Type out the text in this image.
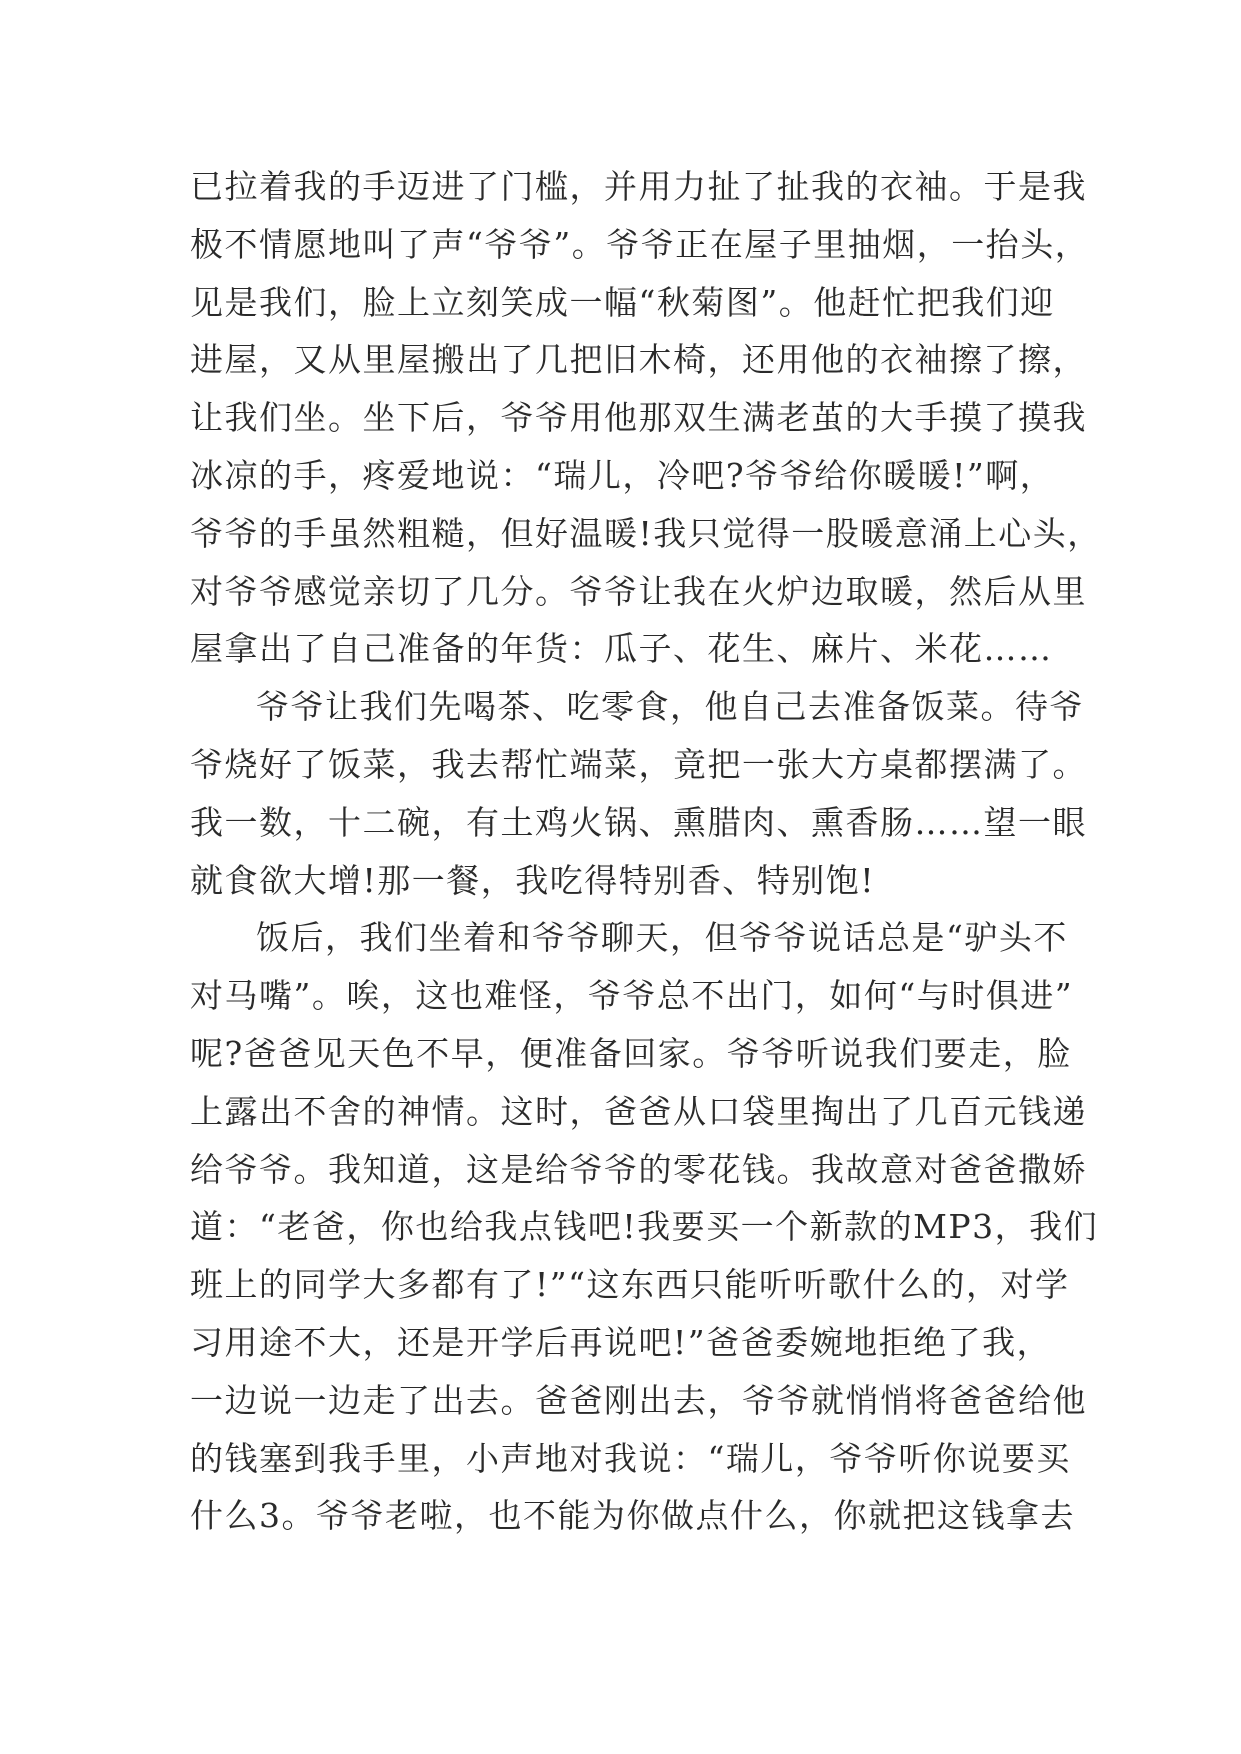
已拉着我的手迈进了门槛，并用力扯了扯我的衣袖。于是我
极不情愿地叫了声“爷爷”。爷爷正在屋子里抽烟，一抬头，
见是我们，脸上立刻笑成一幅“秋菊图”。他赶忙把我们迎
进屋，又从里屋搬出了几把旧木椅，还用他的衣袖擦了擦，
让我们坐。坐下后，爷爷用他那双生满老茧的大手摸了摸我
冰凉的手，疼爱地说：“瑞儿，冷吧?爷爷给你暖暖!”啊，
爷爷的手虽然粗糙，但好温暖!我只觉得一股暖意涌上心头，
对爷爷感觉亲切了几分。爷爷让我在火炉边取暖，然后从里
屋拿出了自己准备的年货：瓜子、花生、麻片、米花……
爷爷让我们先喝茶、吃零食，他自己去准备饭菜。待爷
爷烧好了饭菜，我去帮忙端菜，竟把一张大方桌都摆满了。
我一数，十二碗，有土鸡火锅、熏腊肉、熏香肠……望一眼
就食欲大增!那一餐，我吃得特别香、特别饱!
饭后，我们坐着和爷爷聊天，但爷爷说话总是“驴头不
对马嘴”。唉，这也难怪，爷爷总不出门，如何“与时俱进”
呢?爸爸见天色不早，便准备回家。爷爷听说我们要走，脸
上露出不舍的神情。这时，爸爸从口袋里掏出了几百元钱递
给爷爷。我知道，这是给爷爷的零花钱。我故意对爸爸撒娇
道：“老爸，你也给我点钱吧!我要买一个新款的MP3，我们
班上的同学大多都有了!”“这东西只能听听歌什么的，对学
习用途不大，还是开学后再说吧!”爸爸委婉地拒绝了我，
一边说一边走了出去。爸爸刚出去，爷爷就悄悄将爸爸给他
的钱塞到我手里，小声地对我说：“瑞儿，爷爷听你说要买
什么3。爷爷老啦，也不能为你做点什么，你就把这钱拿去
